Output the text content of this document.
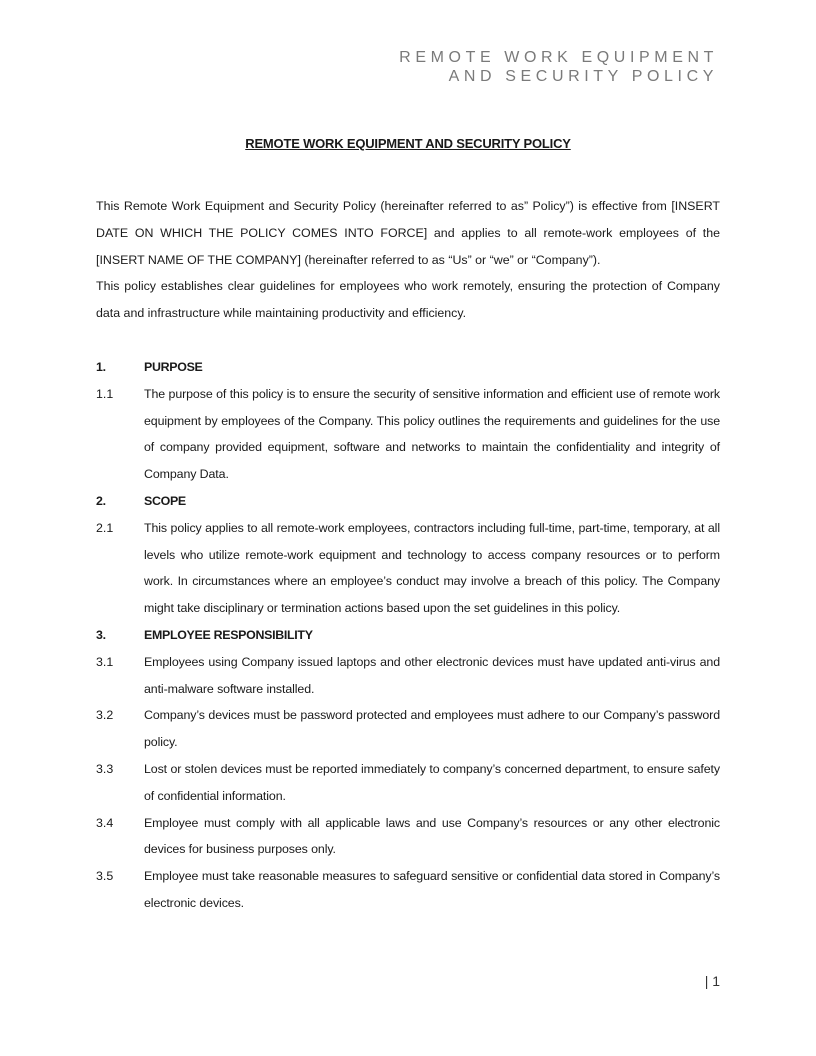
REMOTE WORK EQUIPMENT
AND SECURITY POLICY
REMOTE WORK EQUIPMENT AND SECURITY POLICY

This Remote Work Equipment and Security Policy (hereinafter referred to as” Policy”) is effective from [INSERT DATE ON WHICH THE POLICY COMES INTO FORCE] and applies to all remote-work employees of the [INSERT NAME OF THE COMPANY] (hereinafter referred to as “Us” or “we” or “Company”).

This policy establishes clear guidelines for employees who work remotely, ensuring the protection of Company data and infrastructure while maintaining productivity and efficiency.

1.	PURPOSE
1.1	The purpose of this policy is to ensure the security of sensitive information and efficient use of remote work equipment by employees of the Company. This policy outlines the requirements and guidelines for the use of company provided equipment, software and networks to maintain the confidentiality and integrity of Company Data.
2.	SCOPE
2.1	This policy applies to all remote-work employees, contractors including full-time, part-time, temporary, at all levels who utilize remote-work equipment and technology to access company resources or to perform work. In circumstances where an employee’s conduct may involve a breach of this policy. The Company might take disciplinary or termination actions based upon the set guidelines in this policy.
3.	EMPLOYEE RESPONSIBILITY
3.1	Employees using Company issued laptops and other electronic devices must have updated anti-virus and anti-malware software installed.
3.2	Company’s devices must be password protected and employees must adhere to our Company’s password policy.
3.3	Lost or stolen devices must be reported immediately to company’s concerned department, to ensure safety of confidential information.
3.4	Employee must comply with all applicable laws and use Company’s resources or any other electronic devices for business purposes only.
3.5	Employee must take reasonable measures to safeguard sensitive or confidential data stored in Company’s electronic devices.
| 1
